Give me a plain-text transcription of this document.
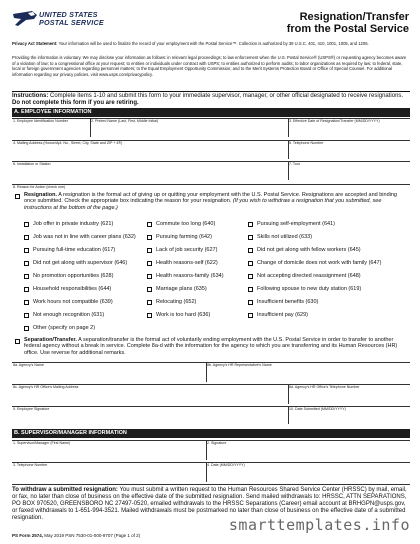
UNITED STATES
POSTAL SERVICE	Resignation/Transfer
from the Postal Service
Privacy Act Statement: Your information will be used to finalize the record of your employment with the Postal Service™. Collection is authorized by 39 U.S.C. 401, 410, 1001, 1005, and 1206.
Providing the information is voluntary. We may disclose your information as follows: in relevant legal proceedings; to law enforcement when the U.S. Postal Service® (USPS®) or requesting agency becomes aware of a violation of law; to a congressional office at your request; to entities or individuals under contract with USPS; to entities authorized to perform audits; to labor organizations as required by law; to federal, state, local or foreign government agencies regarding personnel matters; to the Equal Employment Opportunity Commission; and to the Merit Systems Protection Board or Office of Special Counsel. For additional information regarding our privacy policies, visit www.usps.com/privacypolicy.
Instructions: Complete items 1-10 and submit this form to your immediate supervisor, manager, or other official designated to receive resignations. Do not complete this form if you are retiring.
A. EMPLOYEE INFORMATION
1. Employee Identification Number	2. Printed Name (Last, First, Middle Initial)	3. Effective Date of Resignation/Transfer (MM/DD/YYYY)
4. Mailing Address (House/Apt. No., Street, City, State and ZIP + 4®)	5. Telephone Number
6. Installation or Station	7. Tour
8. Reason for Action (check one)
Resignation. A resignation is the formal act of giving up or quitting your employment with the U.S. Postal Service. Resignations are accepted and binding once submitted. Check the appropriate box indicating the reason for your resignation. (If you wish to withdraw a resignation that you submitted, see instructions at the bottom of the page.)
Job offer in private industry (621)	Commute too long (640)	Pursuing self-employment (641)
Job was not in line with career plans (632)	Pursuing farming (642)	Skills not utilized (633)
Pursuing full-time education (617)	Lack of job security (627)	Did not get along with fellow workers (645)
Did not get along with supervisor (646)	Health reasons-self (622)	Change of domicile does not work with family (647)
No promotion opportunities (628)	Health reasons-family (634)	Not accepting directed reassignment (648)
Household responsibilities (644)	Marriage plans (635)	Following spouse to new duty station (619)
Work hours not compatible (639)	Relocating (652)	Insufficient benefits (630)
Not enough recognition (631)	Work is too hard (636)	Insufficient pay (629)
Other (specify on page 2)
Separation/Transfer. A separation/transfer is the formal act of voluntarily ending employment with the U.S. Postal Service in order to transfer to another federal agency without a break in service. Complete 8a-d with the information for the agency to which you are transferring and its Human Resources (HR) office. Use reverse for additional remarks.
8a. Agency's Name	8b. Agency's HR Representative's Name
8c. Agency's HR Office's Mailing Address	8d. Agency's HR Office's Telephone Number
9. Employee Signature	10. Date Submitted (MM/DD/YYYY)
B. SUPERVISOR/MANAGER INFORMATION
1. Supervisor/Manager (First Name)	2. Signature
3. Telephone Number	4. Date (MM/DD/YYYY)
To withdraw a submitted resignation: You must submit a written request to the Human Resources Shared Service Center (HRSSC) by mail, email, or fax, no later than close of business on the effective date of the submitted resignation. Send mailed withdrawals to: HRSSC, ATTN SEPARATIONS, PO BOX 970520, GREENSBORO NC 27497-0520, emailed withdrawals to the HRSSC Separations (Career) email account at BRHGPN@usps.gov, or faxed withdrawals to 1-651-994-3521. Mailed withdrawals must be postmarked no later than close of business on the effective date of a submitted resignation.
PS Form 2574, May 2019 PSN 7530-01-000-9707 (Page 1 of 2)
smarttemplates.info
